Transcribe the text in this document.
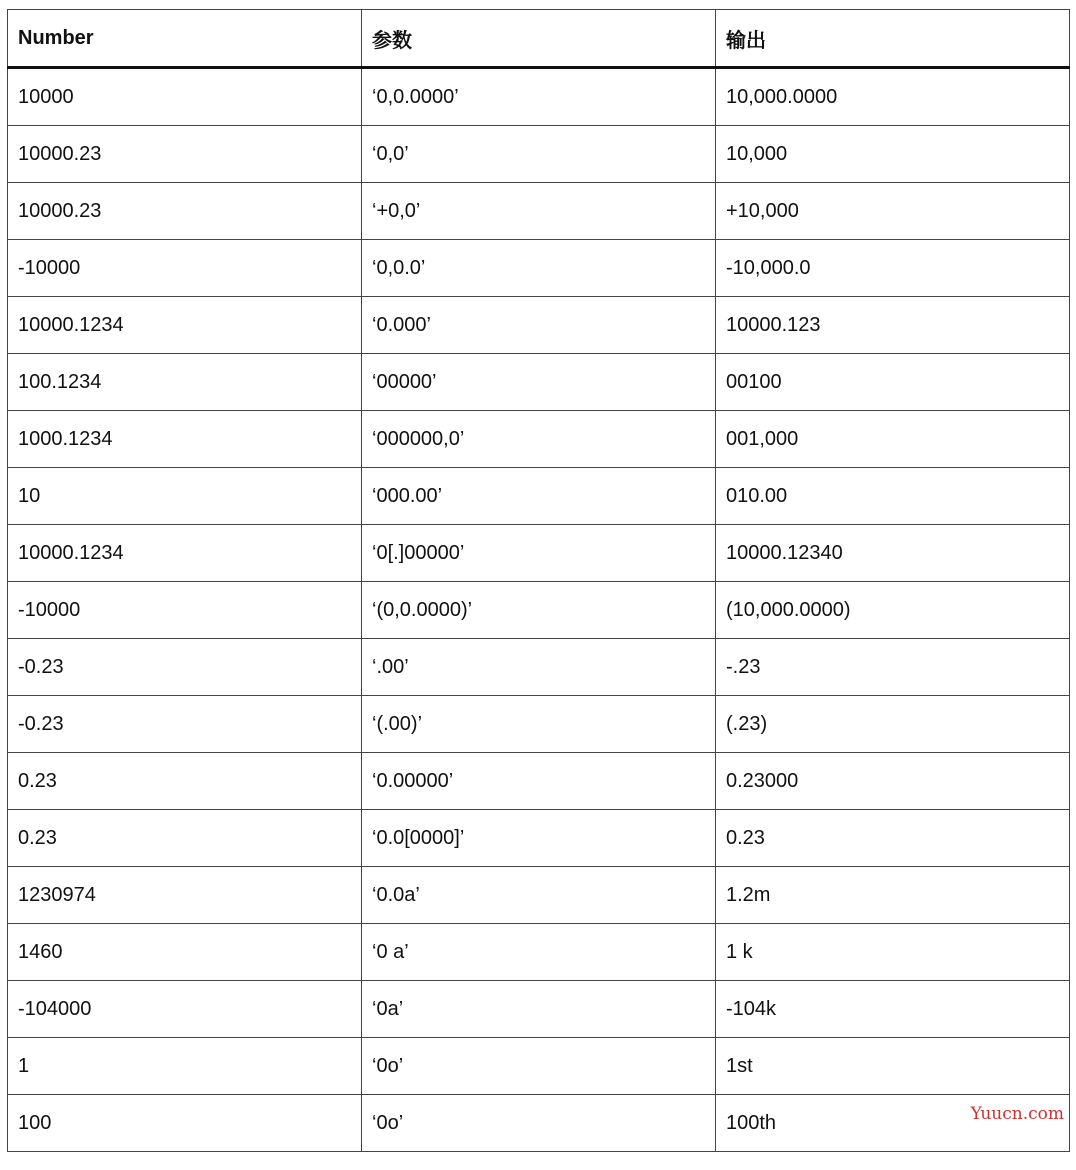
Number	参数	输出
10000	‘0,0.0000’	10,000.0000
10000.23	‘0,0’	10,000
10000.23	‘+0,0’	+10,000
-10000	‘0,0.0’	-10,000.0
10000.1234	‘0.000’	10000.123
100.1234	‘00000’	00100
1000.1234	‘000000,0’	001,000
10	‘000.00’	010.00
10000.1234	‘0[.]00000’	10000.12340
-10000	‘(0,0.0000)’	(10,000.0000)
-0.23	‘.00’	-.23
-0.23	‘(.00)’	(.23)
0.23	‘0.00000’	0.23000
0.23	‘0.0[0000]’	0.23
1230974	‘0.0a’	1.2m
1460	‘0 a’	1 k
-104000	‘0a’	-104k
1	‘0o’	1st
100	‘0o’	100th	Yuucn.com
